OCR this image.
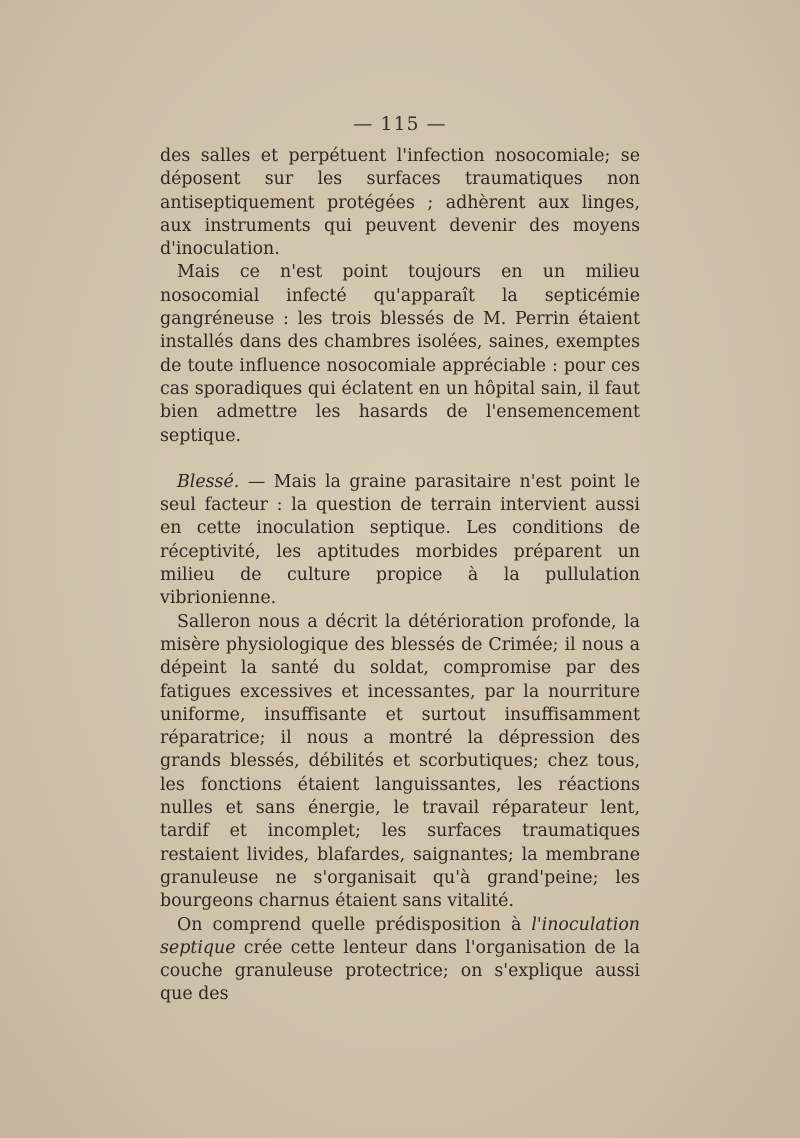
— 115 —

des salles et perpétuent l'infection nosocomiale; se déposent sur les surfaces traumatiques non antiseptiquement protégées ; adhèrent aux linges, aux instruments qui peuvent devenir des moyens d'inoculation.

Mais ce n'est point toujours en un milieu nosocomial infecté qu'apparaît la septicémie gangréneuse : les trois blessés de M. Perrin étaient installés dans des chambres isolées, saines, exemptes de toute influence nosocomiale appréciable : pour ces cas sporadiques qui éclatent en un hôpital sain, il faut bien admettre les hasards de l'ensemencement septique.

Blessé. — Mais la graine parasitaire n'est point le seul facteur : la question de terrain intervient aussi en cette inoculation septique. Les conditions de réceptivité, les aptitudes morbides préparent un milieu de culture propice à la pullulation vibrionienne.

Salleron nous a décrit la détérioration profonde, la misère physiologique des blessés de Crimée; il nous a dépeint la santé du soldat, compromise par des fatigues excessives et incessantes, par la nourriture uniforme, insuffisante et surtout insuffisamment réparatrice; il nous a montré la dépression des grands blessés, débilités et scorbutiques; chez tous, les fonctions étaient languissantes, les réactions nulles et sans énergie, le travail réparateur lent, tardif et incomplet; les surfaces traumatiques restaient livides, blafardes, saignantes; la membrane granuleuse ne s'organisait qu'à grand'peine; les bourgeons charnus étaient sans vitalité.

On comprend quelle prédisposition à l'inoculation septique crée cette lenteur dans l'organisation de la couche granuleuse protectrice; on s'explique aussi que des
